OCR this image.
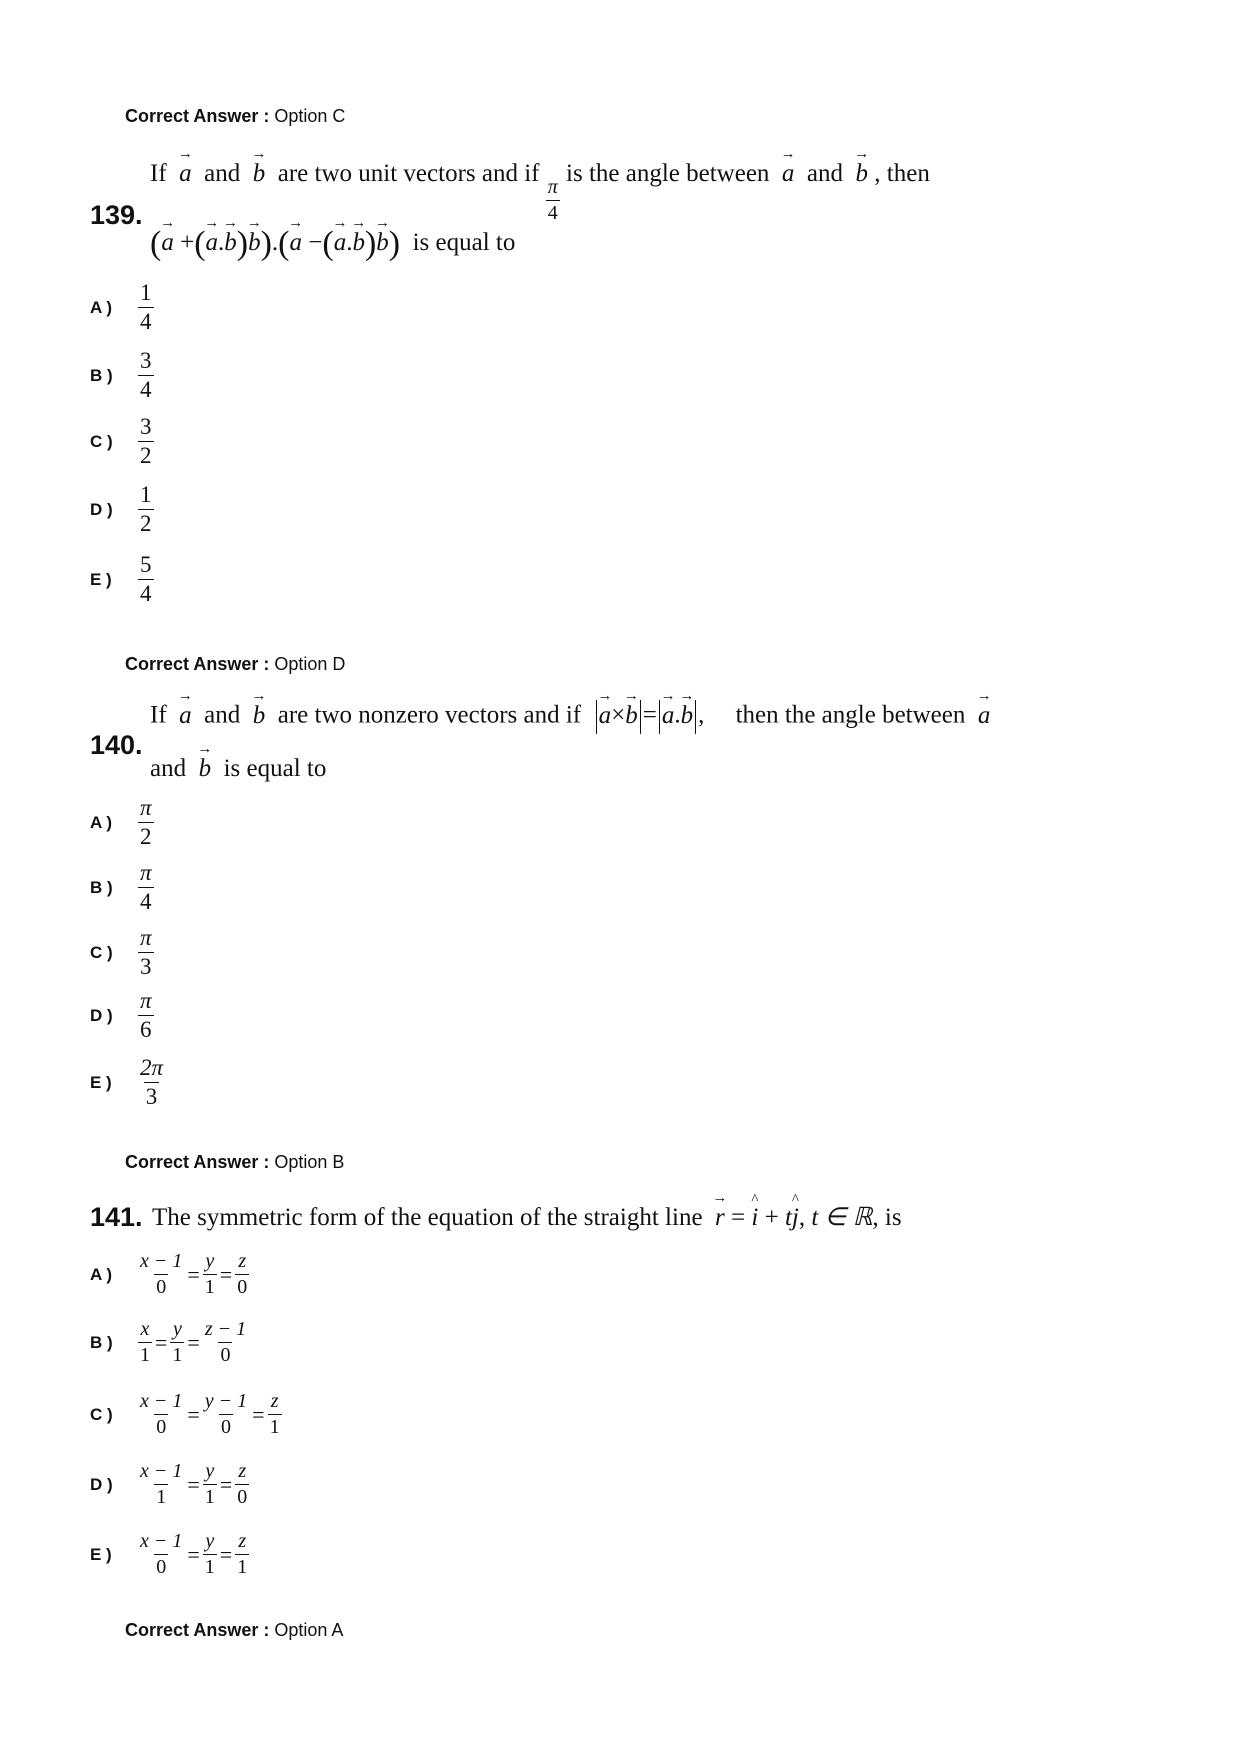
Correct Answer : Option C
139.
If → a and → b are two unit vectors and if
$\frac{\pi}{4}$
is the angle between → a and → b , then
(→ a +(→ a.→ b)→ b).(→ a −(→ a.→ b)→ b) is equal to
A )	$\frac{1}{4}$
B )	$\frac{3}{4}$
C )	$\frac{3}{2}$
D )	$\frac{1}{2}$
E )	$\frac{5}{4}$
Correct Answer : Option D
140.
If → a and → b are two nonzero vectors and if → a×→ b = → a.→ b ,     then the angle between → a
and → b is equal to
A )	$\frac{\pi}{2}$
B )	$\frac{\pi}{4}$
C )	$\frac{\pi}{3}$
D )	$\frac{\pi}{6}$
E )	$\frac{2\pi}{3}$
Correct Answer : Option B
141. The symmetric form of the equation of the straight line → r = ^ i + t^ j, t ∈ ℝ, is
A )	$\frac{x - 1}{0} = \frac{y}{1} = \frac{z}{0}$
B )	$\frac{x}{1} = \frac{y}{1} = \frac{z - 1}{0}$
C )	$\frac{x - 1}{0} = \frac{y - 1}{0} = \frac{z}{1}$
D )	$\frac{x - 1}{1} = \frac{y}{1} = \frac{z}{0}$
E )	$\frac{x - 1}{0} = \frac{y}{1} = \frac{z}{1}$
Correct Answer : Option A
